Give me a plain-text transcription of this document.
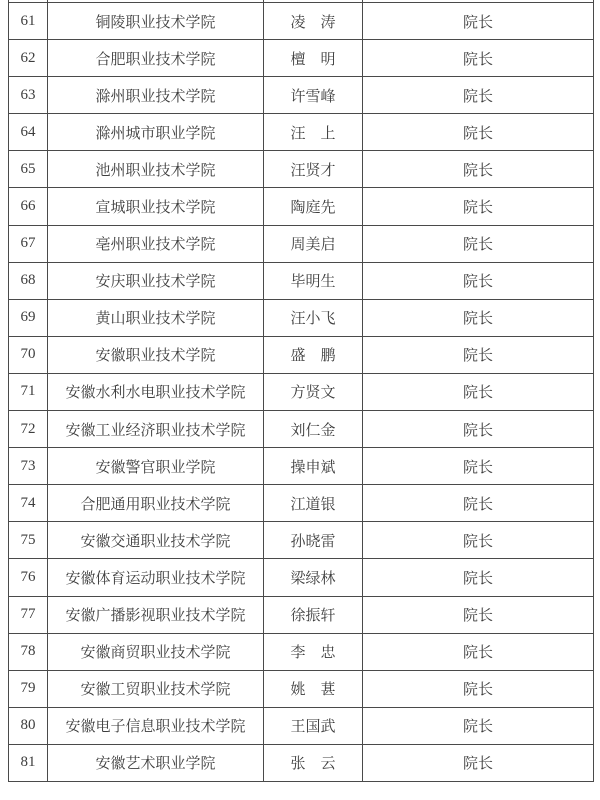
61	铜陵职业技术学院	凌　涛	院长
62	合肥职业技术学院	檀　明	院长
63	滁州职业技术学院	许雪峰	院长
64	滁州城市职业学院	汪　上	院长
65	池州职业技术学院	汪贤才	院长
66	宣城职业技术学院	陶庭先	院长
67	亳州职业技术学院	周美启	院长
68	安庆职业技术学院	毕明生	院长
69	黄山职业技术学院	汪小飞	院长
70	安徽职业技术学院	盛　鹏	院长
71	安徽水利水电职业技术学院	方贤文	院长
72	安徽工业经济职业技术学院	刘仁金	院长
73	安徽警官职业学院	操申斌	院长
74	合肥通用职业技术学院	江道银	院长
75	安徽交通职业技术学院	孙晓雷	院长
76	安徽体育运动职业技术学院	梁绿林	院长
77	安徽广播影视职业技术学院	徐振轩	院长
78	安徽商贸职业技术学院	李　忠	院长
79	安徽工贸职业技术学院	姚　葚	院长
80	安徽电子信息职业技术学院	王国武	院长
81	安徽艺术职业学院	张　云	院长
